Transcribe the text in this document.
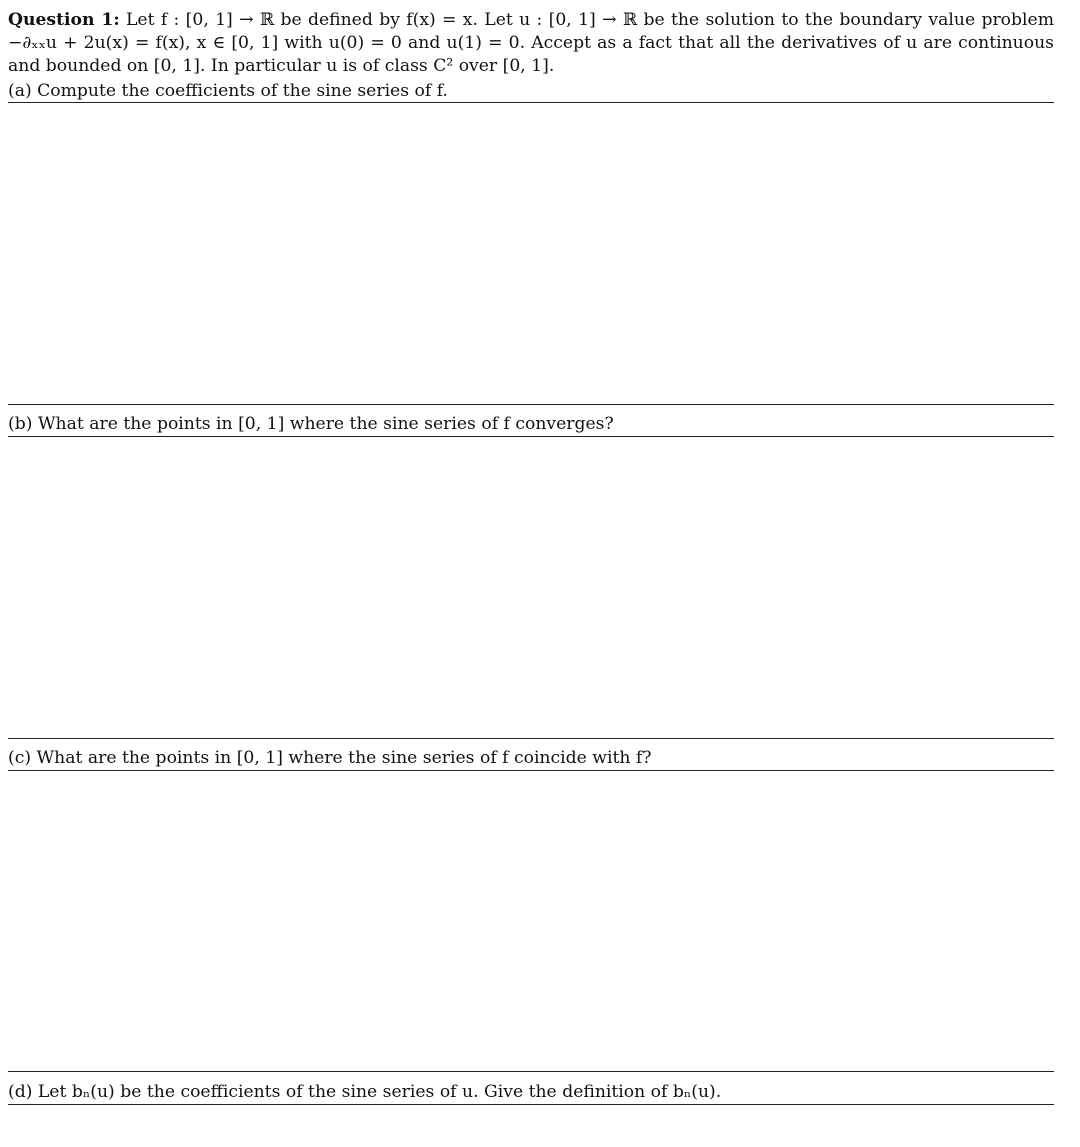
Question 1: Let f : [0, 1] → ℝ be defined by f(x) = x. Let u : [0, 1] → ℝ be the solution to the boundary value problem
−∂ₓₓu + 2u(x) = f(x), x ∈ [0, 1] with u(0) = 0 and u(1) = 0. Accept as a fact that all the derivatives of u are continuous
and bounded on [0, 1]. In particular u is of class C² over [0, 1].
(a) Compute the coefficients of the sine series of f.
(b) What are the points in [0, 1] where the sine series of f converges?
(c) What are the points in [0, 1] where the sine series of f coincide with f?
(d) Let bₙ(u) be the coefficients of the sine series of u. Give the definition of bₙ(u).
